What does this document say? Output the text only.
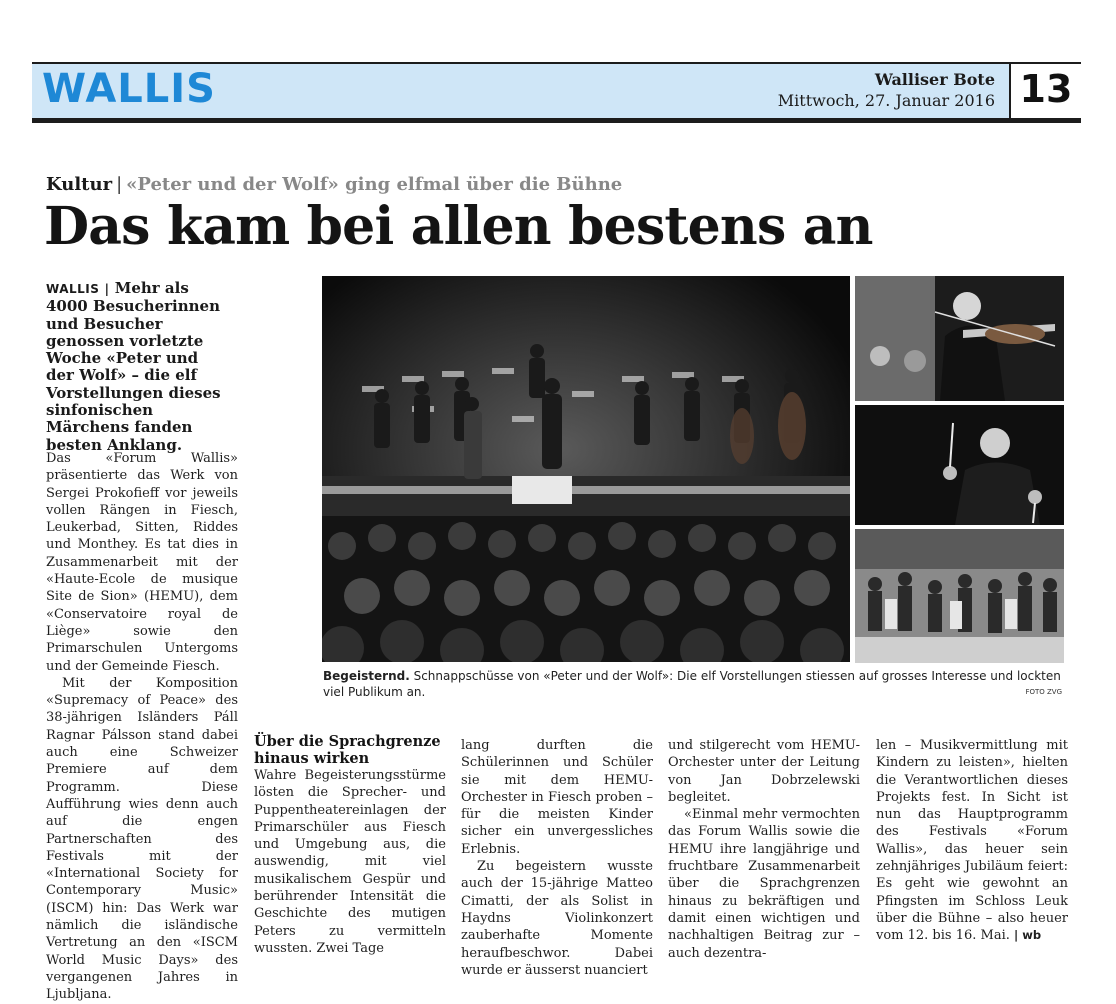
WALLIS	Walliser Bote
Mittwoch, 27. Januar 2016 13
Kultur | «Peter und der Wolf» ging elfmal über die Bühne
Das kam bei allen bestens an
WALLIS | Mehr als 4000 Besucherinnen und Besucher genossen vorletzte Woche «Peter und der Wolf» – die elf Vorstellungen dieses sinfonischen Märchens fanden besten Anklang.

Das «Forum Wallis» präsentierte das Werk von Sergei Prokofieff vor jeweils vollen Rängen in Fiesch, Leukerbad, Sitten, Riddes und Monthey. Es tat dies in Zusammenarbeit mit der «Haute-Ecole de musique Site de Sion» (HEMU), dem «Conservatoire royal de Liège» sowie den Primarschulen Untergoms und der Gemeinde Fiesch.

Mit der Komposition «Supremacy of Peace» des 38-jährigen Isländers Páll Ragnar Pálsson stand dabei auch eine Schweizer Premiere auf dem Programm. Diese Aufführung wies denn auch auf die engen Partnerschaften des Festivals mit der «International Society for Contemporary Music» (ISCM) hin: Das Werk war nämlich die isländische Vertretung an den «ISCM World Music Days» des vergangenen Jahres in Ljubljana.

Begeisternd. Schnappschüsse von «Peter und der Wolf»: Die elf Vorstellungen stiessen auf grosses Interesse und lockten viel Publikum an.	FOTO ZVG
Über die Sprachgrenze hinaus wirken

Wahre Begeisterungsstürme lösten die Sprecher- und Puppentheatereinlagen der Primarschüler aus Fiesch und Umgebung aus, die auswendig, mit viel musikalischem Gespür und berührender Intensität die Geschichte des mutigen Peters zu vermitteln wussten. Zwei Tage

lang durften die Schülerinnen und Schüler sie mit dem HEMU-Orchester in Fiesch proben – für die meisten Kinder sicher ein unvergessliches Erlebnis.

Zu begeistern wusste auch der 15-jährige Matteo Cimatti, der als Solist in Haydns Violinkonzert zauberhafte Momente heraufbeschwor. Dabei wurde er äusserst nuanciert

und stilgerecht vom HEMU-Orchester unter der Leitung von Jan Dobrzelewski begleitet.

«Einmal mehr vermochten das Forum Wallis sowie die HEMU ihre langjährige und fruchtbare Zusammenarbeit über die Sprachgrenzen hinaus zu bekräftigen und damit einen wichtigen und nachhaltigen Beitrag zur – auch dezentra-

len – Musikvermittlung mit Kindern zu leisten», hielten die Verantwortlichen dieses Projekts fest. In Sicht ist nun das Hauptprogramm des Festivals «Forum Wallis», das heuer sein zehnjähriges Jubiläum feiert: Es geht wie gewohnt an Pfingsten im Schloss Leuk über die Bühne – also heuer vom 12. bis 16. Mai. | wb
